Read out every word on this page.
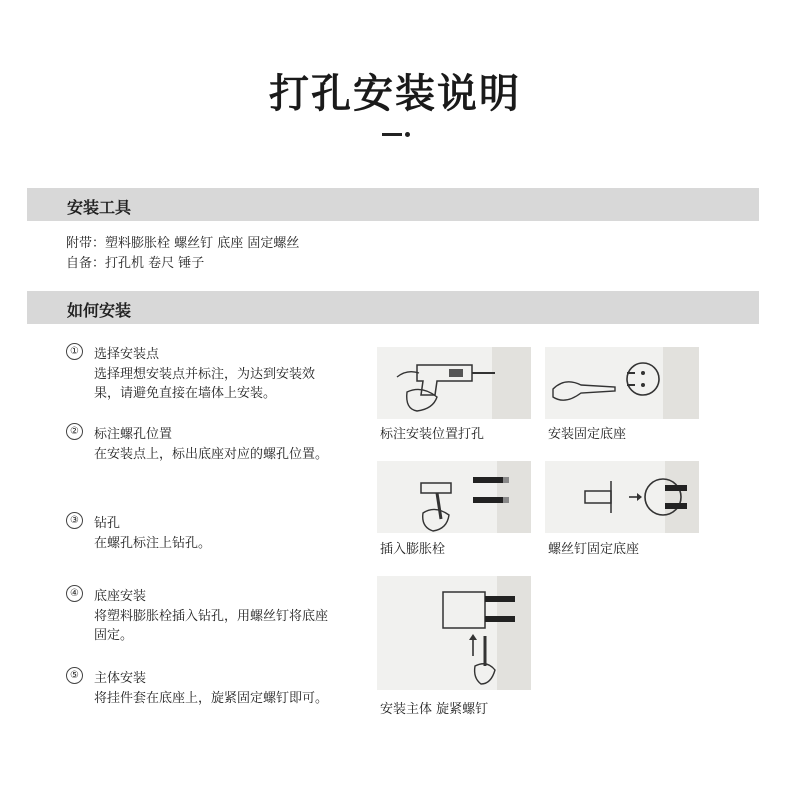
打孔安装说明
安装工具
附带：塑料膨胀栓 螺丝钉 底座 固定螺丝
自备：打孔机 卷尺 锤子
如何安装
①	选择安装点
选择理想安装点并标注，为达到安装效果，请避免直接在墙体上安装。
②	标注螺孔位置
在安装点上，标出底座对应的螺孔位置。
③	钻孔
在螺孔标注上钻孔。
④	底座安装
将塑料膨胀栓插入钻孔，用螺丝钉将底座固定。
⑤	主体安装
将挂件套在底座上，旋紧固定螺钉即可。
标注安装位置打孔	安装固定底座
插入膨胀栓	螺丝钉固定底座
安装主体 旋紧螺钉
